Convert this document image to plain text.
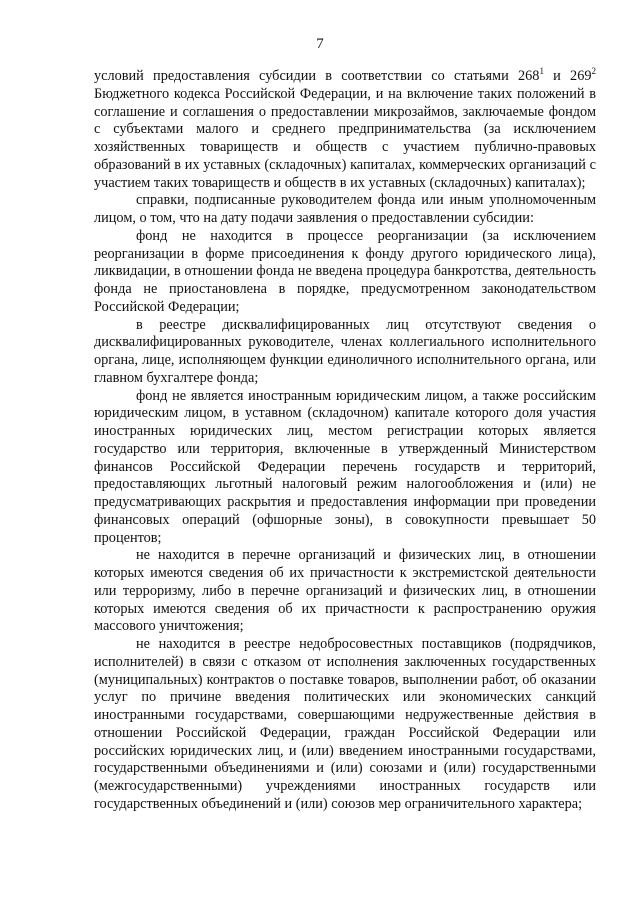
7

условий предоставления субсидии в соответствии со статьями $268^1$ и $269^2$ Бюджетного кодекса Российской Федерации, и на включение таких положений в соглашение и соглашения о предоставлении микрозаймов, заключаемые фондом с субъектами малого и среднего предпринимательства (за исключением хозяйственных товариществ и обществ с участием публично-правовых образований в их уставных (складочных) капиталах, коммерческих организаций с участием таких товариществ и обществ в их уставных (складочных) капиталах);

справки, подписанные руководителем фонда или иным уполномоченным лицом, о том, что на дату подачи заявления о предоставлении субсидии:

фонд не находится в процессе реорганизации (за исключением реорганизации в форме присоединения к фонду другого юридического лица), ликвидации, в отношении фонда не введена процедура банкротства, деятельность фонда не приостановлена в порядке, предусмотренном законодательством Российской Федерации;

в реестре дисквалифицированных лиц отсутствуют сведения о дисквалифицированных руководителе, членах коллегиального исполнительного органа, лице, исполняющем функции единоличного исполнительного органа, или главном бухгалтере фонда;

фонд не является иностранным юридическим лицом, а также российским юридическим лицом, в уставном (складочном) капитале которого доля участия иностранных юридических лиц, местом регистрации которых является государство или территория, включенные в утвержденный Министерством финансов Российской Федерации перечень государств и территорий, предоставляющих льготный налоговый режим налогообложения и (или) не предусматривающих раскрытия и предоставления информации при проведении финансовых операций (офшорные зоны), в совокупности превышает 50 процентов;

не находится в перечне организаций и физических лиц, в отношении которых имеются сведения об их причастности к экстремистской деятельности или терроризму, либо в перечне организаций и физических лиц, в отношении которых имеются сведения об их причастности к распространению оружия массового уничтожения;

не находится в реестре недобросовестных поставщиков (подрядчиков, исполнителей) в связи с отказом от исполнения заключенных государственных (муниципальных) контрактов о поставке товаров, выполнении работ, об оказании услуг по причине введения политических или экономических санкций иностранными государствами, совершающими недружественные действия в отношении Российской Федерации, граждан Российской Федерации или российских юридических лиц, и (или) введением иностранными государствами, государственными объединениями и (или) союзами и (или) государственными (межгосударственными) учреждениями иностранных государств или государственных объединений и (или) союзов мер ограничительного характера;
